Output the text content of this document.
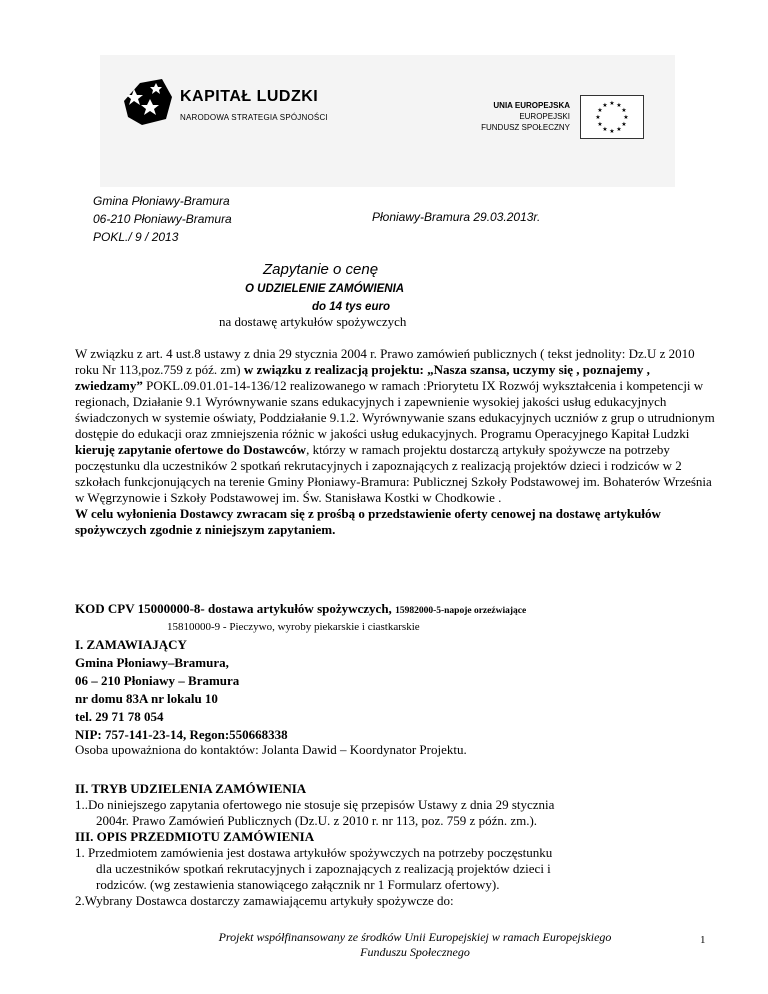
KAPITAŁ LUDZKI
NARODOWA STRATEGIA SPÓJNOŚCI
UNIA EUROPEJSKA
EUROPEJSKI
FUNDUSZ SPOŁECZNY
★ ★
★
★
★
★
★
★
★
★
★
★
Gmina Płoniawy-Bramura
06-210 Płoniawy-Bramura
POKL./ 9 / 2013
Płoniawy-Bramura 29.03.2013r.
Zapytanie o cenę
O UDZIELENIE ZAMÓWIENIA
do 14 tys euro
na dostawę artykułów spożywczych
W związku z art. 4 ust.8 ustawy z dnia 29 stycznia 2004 r. Prawo zamówień publicznych ( tekst jednolity: Dz.U z 2010 roku Nr 113,poz.759 z póź. zm) w związku z realizacją projektu: „Nasza szansa, uczymy się , poznajemy , zwiedzamy” POKL.09.01.01-14-136/12 realizowanego w ramach :Priorytetu IX Rozwój wykształcenia i kompetencji w regionach, Działanie 9.1 Wyrównywanie szans edukacyjnych i zapewnienie wysokiej jakości usług edukacyjnych świadczonych w systemie oświaty, Poddziałanie 9.1.2. Wyrównywanie szans edukacyjnych uczniów z grup o utrudnionym dostępie do edukacji oraz zmniejszenia różnic w jakości usług edukacyjnych. Programu Operacyjnego Kapitał Ludzki kieruję zapytanie ofertowe do Dostawców, którzy w ramach projektu dostarczą artykuły spożywcze na potrzeby poczęstunku dla uczestników 2 spotkań rekrutacyjnych i zapoznających z realizacją projektów dzieci i rodziców w 2 szkołach funkcjonujących na terenie Gminy Płoniawy-Bramura: Publicznej Szkoły Podstawowej im. Bohaterów Września w Węgrzynowie i Szkoły Podstawowej im. Św. Stanisława Kostki w Chodkowie .
W celu wyłonienia Dostawcy zwracam się z prośbą o przedstawienie oferty cenowej na dostawę artykułów spożywczych zgodnie z niniejszym zapytaniem.
KOD CPV 15000000-8- dostawa artykułów spożywczych, 15982000-5-napoje orzeźwiające
15810000-9 - Pieczywo, wyroby piekarskie i ciastkarskie
I. ZAMAWIAJĄCY
Gmina Płoniawy–Bramura,
06 – 210 Płoniawy – Bramura
nr domu 83A nr lokalu 10
tel. 29 71 78 054
NIP: 757-141-23-14, Regon:550668338
Osoba upoważniona do kontaktów: Jolanta Dawid – Koordynator Projektu.
II. TRYB UDZIELENIA ZAMÓWIENIA
1..Do niniejszego zapytania ofertowego nie stosuje się przepisów Ustawy z dnia 29 stycznia
2004r. Prawo Zamówień Publicznych (Dz.U. z 2010 r. nr 113, poz. 759 z późn. zm.).
III. OPIS PRZEDMIOTU ZAMÓWIENIA
1. Przedmiotem zamówienia jest dostawa artykułów spożywczych na potrzeby poczęstunku
dla uczestników spotkań rekrutacyjnych i zapoznających z realizacją projektów dzieci i
rodziców. (wg zestawienia stanowiącego załącznik nr 1 Formularz ofertowy).
2.Wybrany Dostawca dostarczy zamawiającemu artykuły spożywcze do:
Projekt współfinansowany ze środków Unii Europejskiej w ramach Europejskiego
Funduszu Społecznego
1
